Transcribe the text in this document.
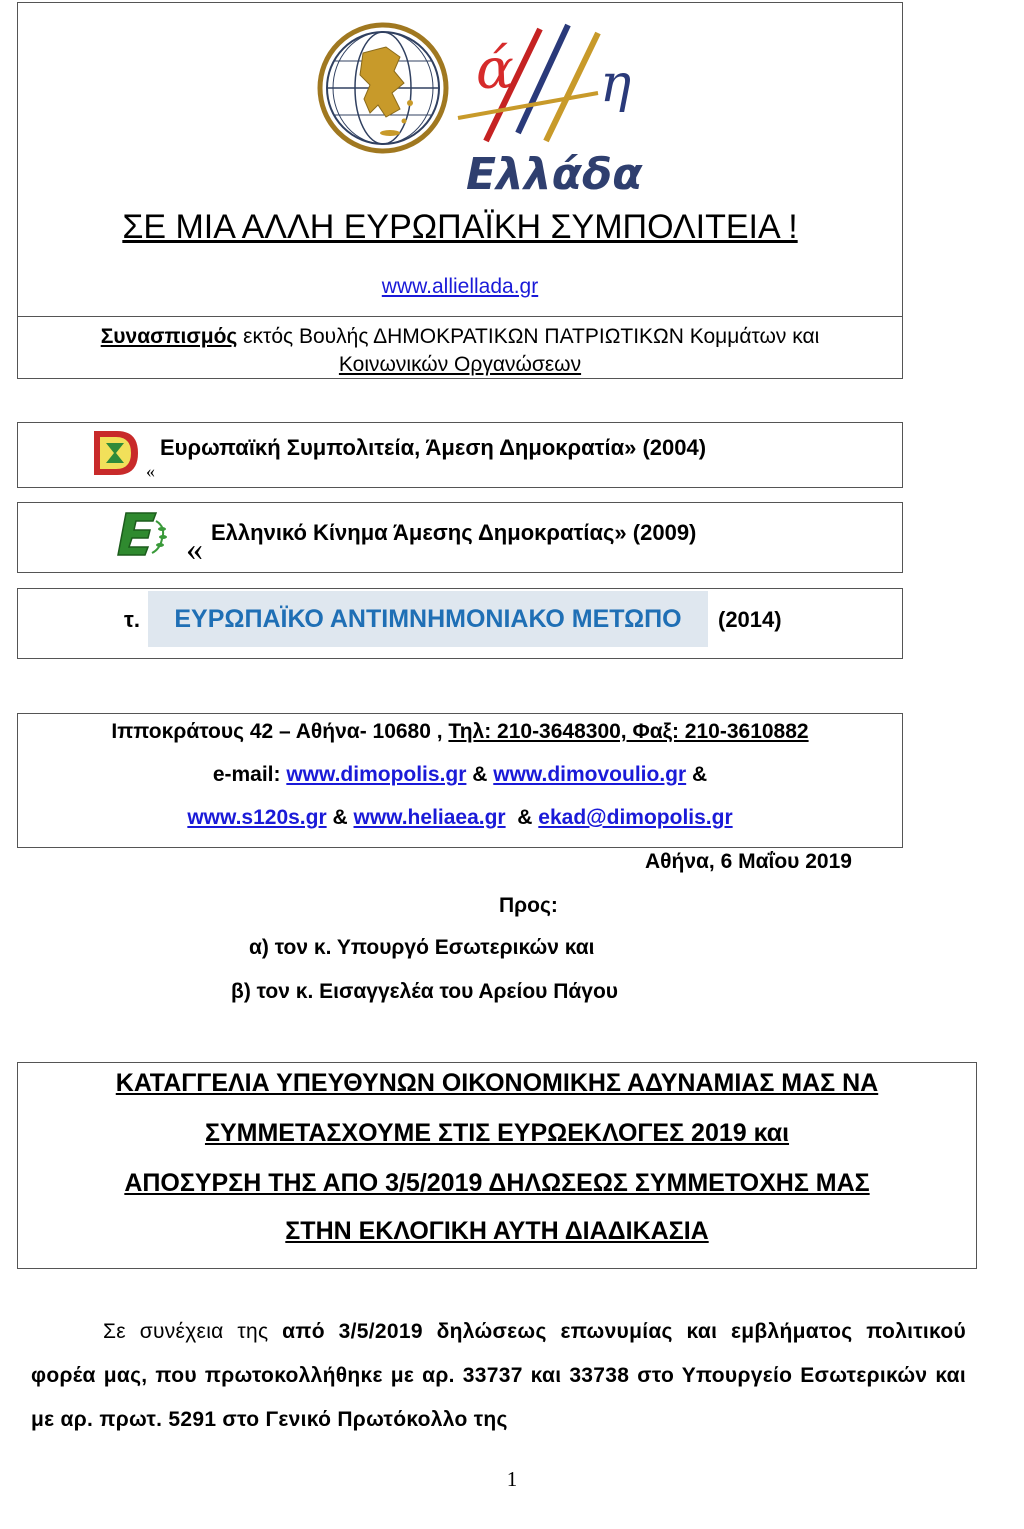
ά η
Ελλάδα
ΣΕ ΜΙΑ ΑΛΛΗ ΕΥΡΩΠΑΪΚΗ ΣΥΜΠΟΛΙΤΕΙΑ !
www.alliellada.gr
Συνασπισμός εκτός Βουλής ΔΗΜΟΚΡΑΤΙΚΩΝ ΠΑΤΡΙΩΤΙΚΩΝ Κομμάτων και
Κοινωνικών Οργανώσεων
«
Ευρωπαϊκή Συμπολιτεία, Άμεση Δημοκρατία» (2004)
« Ελληνικό Κίνημα Άμεσης Δημοκρατίας» (2009)
τ.	ΕΥΡΩΠΑΪΚΟ ΑΝΤΙΜΝΗΜΟΝΙΑΚΟ ΜΕΤΩΠΟ	(2014)
Ιπποκράτους 42 – Αθήνα- 10680 , Τηλ: 210-3648300, Φαξ: 210-3610882
e-mail: www.dimopolis.gr & www.dimovoulio.gr &
www.s120s.gr & www.heliaea.gr & ekad@dimopolis.gr
Αθήνα, 6 Μαΐου 2019
Προς:
α) τον κ. Υπουργό Εσωτερικών και
β) τον κ. Εισαγγελέα του Αρείου Πάγου
ΚΑΤΑΓΓΕΛΙΑ ΥΠΕΥΘΥΝΩΝ ΟΙΚΟΝΟΜΙΚΗΣ ΑΔΥΝΑΜΙΑΣ ΜΑΣ ΝΑ
ΣΥΜΜΕΤΑΣΧΟΥΜΕ ΣΤΙΣ ΕΥΡΩΕΚΛΟΓΕΣ 2019 και
ΑΠΟΣΥΡΣΗ ΤΗΣ ΑΠΟ 3/5/2019 ΔΗΛΩΣΕΩΣ ΣΥΜΜΕΤΟΧΗΣ ΜΑΣ
ΣΤΗΝ ΕΚΛΟΓΙΚΗ ΑΥΤΗ ΔΙΑΔΙΚΑΣΙΑ
Σε συνέχεια της από 3/5/2019 δηλώσεως επωνυμίας και εμβλήματος πολιτικού φορέα μας, που πρωτοκολλήθηκε με αρ. 33737 και 33738 στο Υπουργείο Εσωτερικών και με αρ. πρωτ. 5291 στο Γενικό Πρωτόκολλο της
1
